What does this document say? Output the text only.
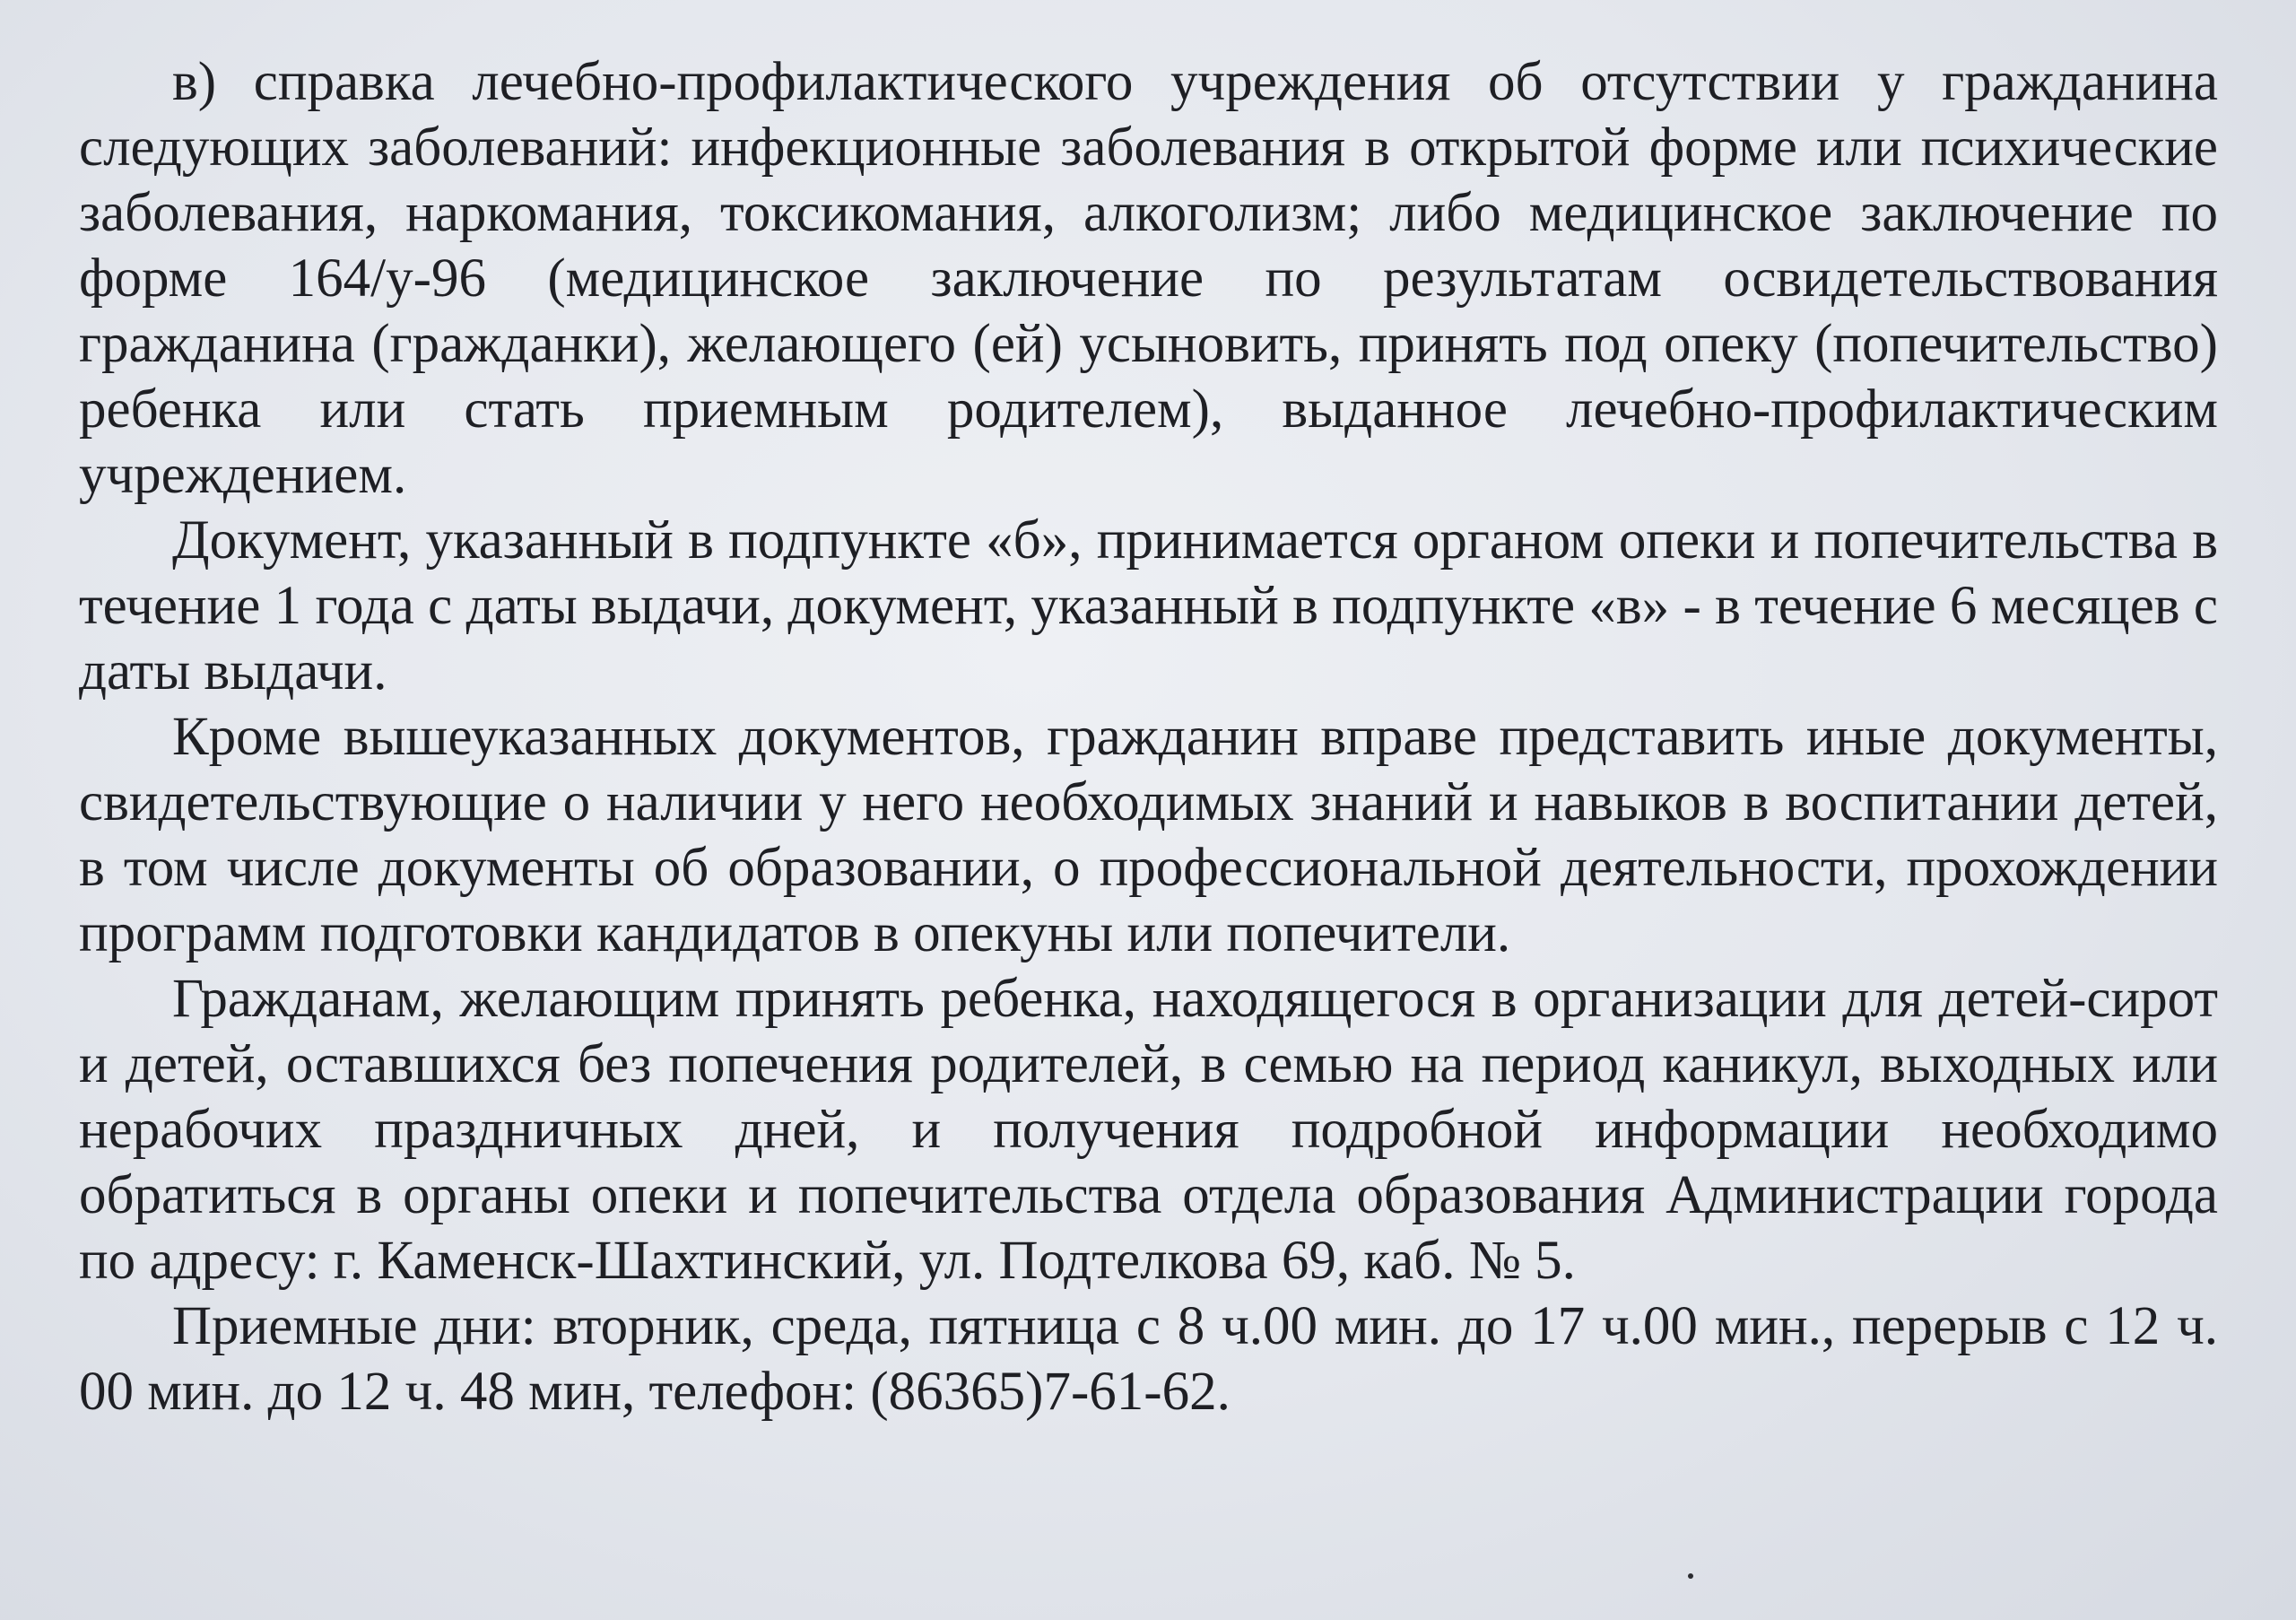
в) справка лечебно-профилактического учреждения об отсутствии у гражданина следующих заболеваний: инфекционные заболевания в открытой форме или психические заболевания, наркомания, токсикомания, алкоголизм; либо медицинское заключение по форме 164/у-96 (медицинское заключение по результатам освидетельствования гражданина (гражданки), желающего (ей) усыновить, принять под опеку (попечительство) ребенка или стать приемным родителем), выданное лечебно-профилактическим учреждением.

Документ, указанный в подпункте «б», принимается органом опеки и попечительства в течение 1 года с даты выдачи, документ, указанный в подпункте «в» - в течение 6 месяцев с даты выдачи.

Кроме вышеуказанных документов, гражданин вправе представить иные документы, свидетельствующие о наличии у него необходимых знаний и навыков в воспитании детей, в том числе документы об образовании, о профессиональной деятельности, прохождении программ подготовки кандидатов в опекуны или попечители.

Гражданам, желающим принять ребенка, находящегося в организации для детей-сирот и детей, оставшихся без попечения родителей, в семью на период каникул, выходных или нерабочих праздничных дней, и получения подробной информации необходимо обратиться в органы опеки и попечительства отдела образования Администрации города по адресу: г. Каменск-Шахтинский, ул. Подтелкова 69, каб. № 5.

Приемные дни: вторник, среда, пятница с 8 ч.00 мин. до 17 ч.00 мин., перерыв с 12 ч. 00 мин. до 12 ч. 48 мин, телефон: (86365)7-61-62.
